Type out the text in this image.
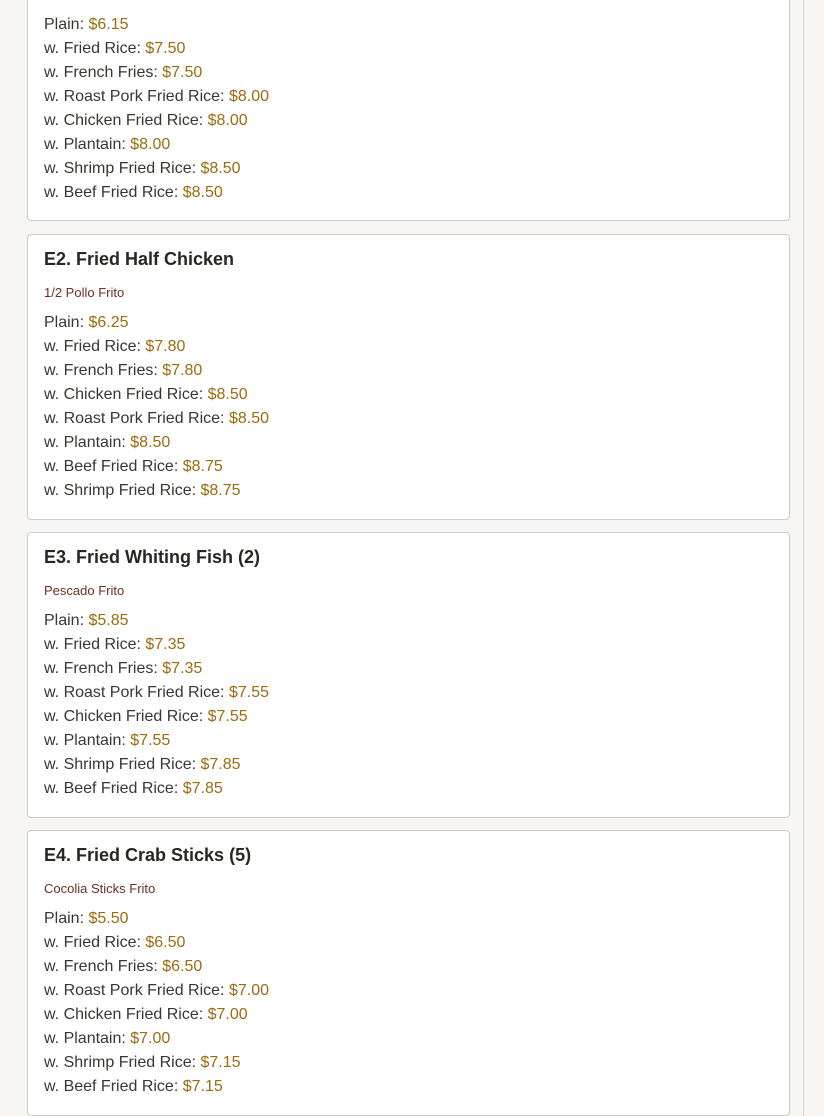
Plain: $6.15
w. Fried Rice: $7.50
w. French Fries: $7.50
w. Roast Pork Fried Rice: $8.00
w. Chicken Fried Rice: $8.00
w. Plantain: $8.00
w. Shrimp Fried Rice: $8.50
w. Beef Fried Rice: $8.50
E2. Fried Half Chicken
1/2 Pollo Frito
Plain: $6.25
w. Fried Rice: $7.80
w. French Fries: $7.80
w. Chicken Fried Rice: $8.50
w. Roast Pork Fried Rice: $8.50
w. Plantain: $8.50
w. Beef Fried Rice: $8.75
w. Shrimp Fried Rice: $8.75
E3. Fried Whiting Fish (2)
Pescado Frito
Plain: $5.85
w. Fried Rice: $7.35
w. French Fries: $7.35
w. Roast Pork Fried Rice: $7.55
w. Chicken Fried Rice: $7.55
w. Plantain: $7.55
w. Shrimp Fried Rice: $7.85
w. Beef Fried Rice: $7.85
E4. Fried Crab Sticks (5)
Cocolia Sticks Frito
Plain: $5.50
w. Fried Rice: $6.50
w. French Fries: $6.50
w. Roast Pork Fried Rice: $7.00
w. Chicken Fried Rice: $7.00
w. Plantain: $7.00
w. Shrimp Fried Rice: $7.15
w. Beef Fried Rice: $7.15
